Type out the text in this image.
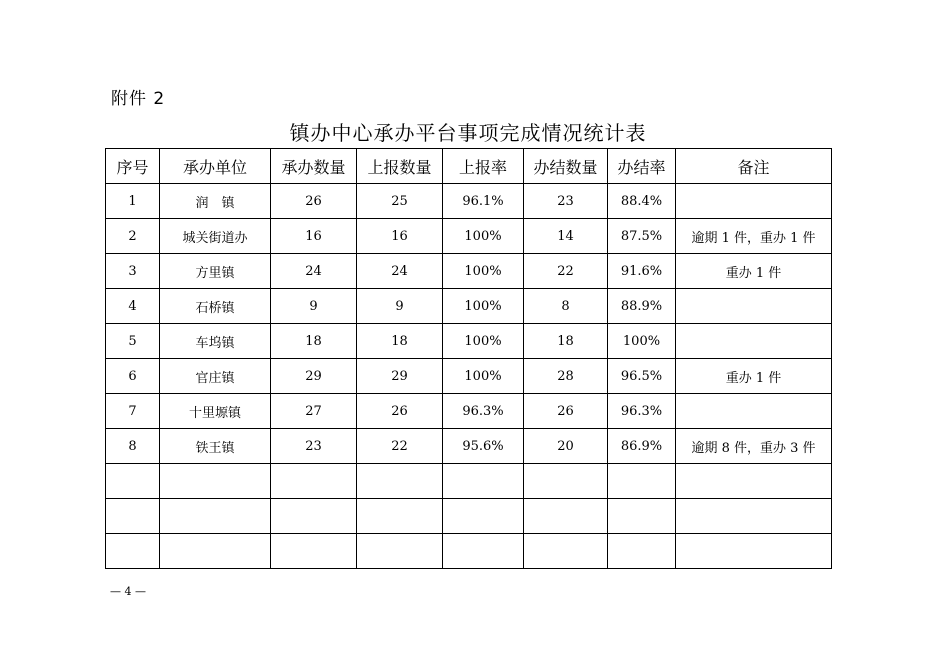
附件 2
镇办中心承办平台事项完成情况统计表
序号	承办单位	承办数量	上报数量	上报率	办结数量	办结率	备注
1	润　镇	26	25	96.1%	23	88.4%	
2	城关街道办	16	16	100%	14	87.5%	逾期 1 件，重办 1 件
3	方里镇	24	24	100%	22	91.6%	重办 1 件
4	石桥镇	9	9	100%	8	88.9%	
5	车坞镇	18	18	100%	18	100%	
6	官庄镇	29	29	100%	28	96.5%	重办 1 件
7	十里塬镇	27	26	96.3%	26	96.3%	
8	铁王镇	23	22	95.6%	20	86.9%	逾期 8 件，重办 3 件

— 4 —
